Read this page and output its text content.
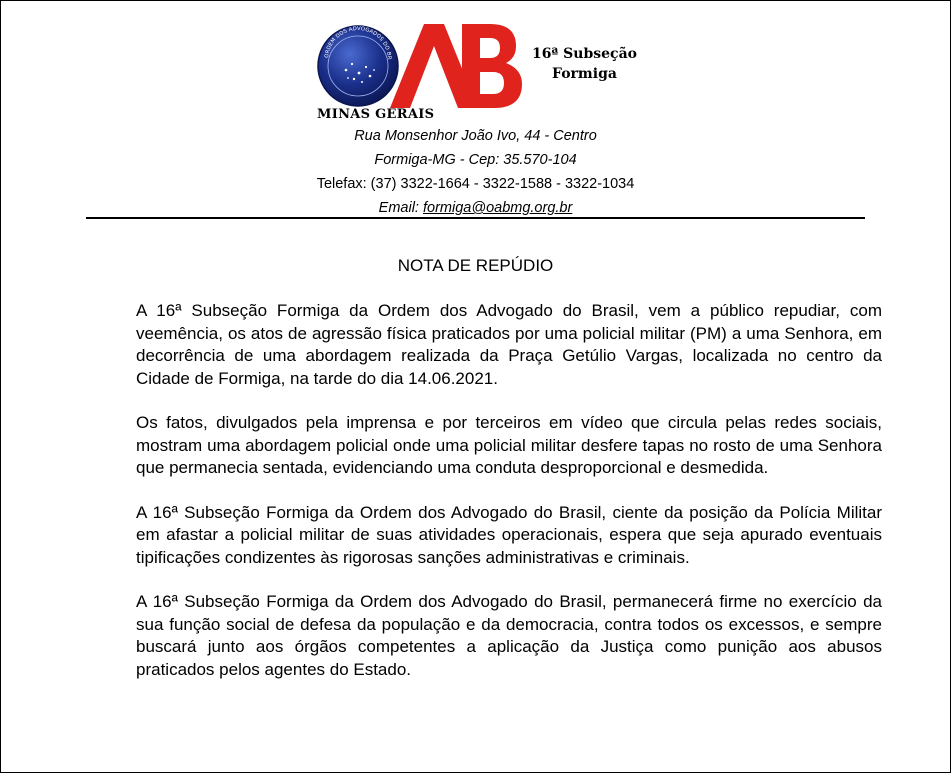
ORDEM DOS ADVOGADOS DO BR	16ª Subseção
Formiga
MINAS GERAIS
Rua Monsenhor João Ivo, 44 - Centro
Formiga-MG - Cep: 35.570-104
Telefax: (37) 3322-1664 - 3322-1588 - 3322-1034
Email: formiga@oabmg.org.br
NOTA DE REPÚDIO

A 16ª Subseção Formiga da Ordem dos Advogado do Brasil, vem a público repudiar, com veemência, os atos de agressão física praticados por uma policial militar (PM) a uma Senhora, em decorrência de uma abordagem realizada da Praça Getúlio Vargas, localizada no centro da Cidade de Formiga, na tarde do dia 14.06.2021.

Os fatos, divulgados pela imprensa e por terceiros em vídeo que circula pelas redes sociais, mostram uma abordagem policial onde uma policial militar desfere tapas no rosto de uma Senhora que permanecia sentada, evidenciando uma conduta desproporcional e desmedida.

A 16ª Subseção Formiga da Ordem dos Advogado do Brasil, ciente da posição da Polícia Militar em afastar a policial militar de suas atividades operacionais, espera que seja apurado eventuais tipificações condizentes às rigorosas sanções administrativas e criminais.

A 16ª Subseção Formiga da Ordem dos Advogado do Brasil, permanecerá firme no exercício da sua função social de defesa da população e da democracia, contra todos os excessos, e sempre buscará junto aos órgãos competentes a aplicação da Justiça como punição aos abusos praticados pelos agentes do Estado.
